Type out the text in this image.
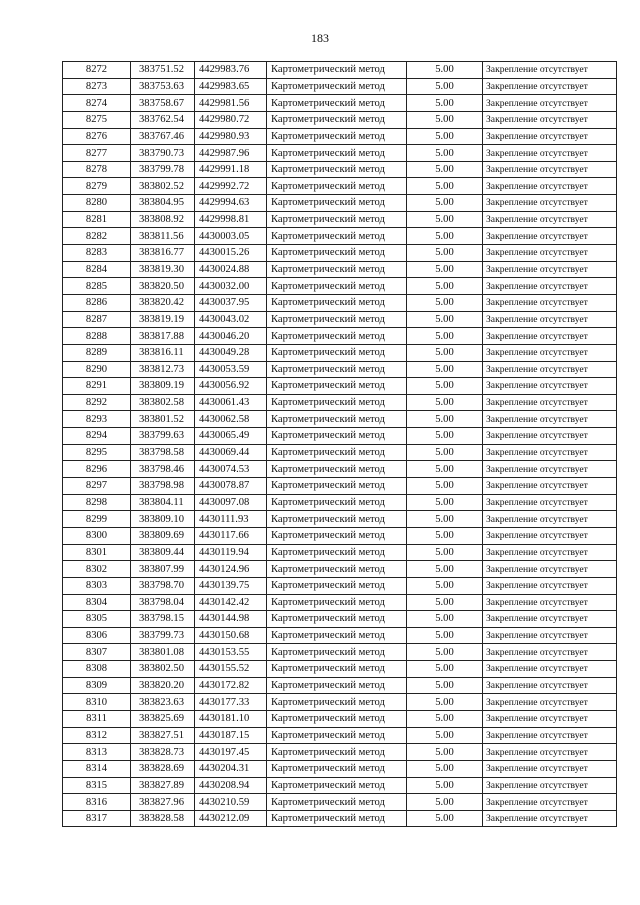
183
8272	383751.52	4429983.76	Картометрический метод	5.00	Закрепление отсутствует
8273	383753.63	4429983.65	Картометрический метод	5.00	Закрепление отсутствует
8274	383758.67	4429981.56	Картометрический метод	5.00	Закрепление отсутствует
8275	383762.54	4429980.72	Картометрический метод	5.00	Закрепление отсутствует
8276	383767.46	4429980.93	Картометрический метод	5.00	Закрепление отсутствует
8277	383790.73	4429987.96	Картометрический метод	5.00	Закрепление отсутствует
8278	383799.78	4429991.18	Картометрический метод	5.00	Закрепление отсутствует
8279	383802.52	4429992.72	Картометрический метод	5.00	Закрепление отсутствует
8280	383804.95	4429994.63	Картометрический метод	5.00	Закрепление отсутствует
8281	383808.92	4429998.81	Картометрический метод	5.00	Закрепление отсутствует
8282	383811.56	4430003.05	Картометрический метод	5.00	Закрепление отсутствует
8283	383816.77	4430015.26	Картометрический метод	5.00	Закрепление отсутствует
8284	383819.30	4430024.88	Картометрический метод	5.00	Закрепление отсутствует
8285	383820.50	4430032.00	Картометрический метод	5.00	Закрепление отсутствует
8286	383820.42	4430037.95	Картометрический метод	5.00	Закрепление отсутствует
8287	383819.19	4430043.02	Картометрический метод	5.00	Закрепление отсутствует
8288	383817.88	4430046.20	Картометрический метод	5.00	Закрепление отсутствует
8289	383816.11	4430049.28	Картометрический метод	5.00	Закрепление отсутствует
8290	383812.73	4430053.59	Картометрический метод	5.00	Закрепление отсутствует
8291	383809.19	4430056.92	Картометрический метод	5.00	Закрепление отсутствует
8292	383802.58	4430061.43	Картометрический метод	5.00	Закрепление отсутствует
8293	383801.52	4430062.58	Картометрический метод	5.00	Закрепление отсутствует
8294	383799.63	4430065.49	Картометрический метод	5.00	Закрепление отсутствует
8295	383798.58	4430069.44	Картометрический метод	5.00	Закрепление отсутствует
8296	383798.46	4430074.53	Картометрический метод	5.00	Закрепление отсутствует
8297	383798.98	4430078.87	Картометрический метод	5.00	Закрепление отсутствует
8298	383804.11	4430097.08	Картометрический метод	5.00	Закрепление отсутствует
8299	383809.10	4430111.93	Картометрический метод	5.00	Закрепление отсутствует
8300	383809.69	4430117.66	Картометрический метод	5.00	Закрепление отсутствует
8301	383809.44	4430119.94	Картометрический метод	5.00	Закрепление отсутствует
8302	383807.99	4430124.96	Картометрический метод	5.00	Закрепление отсутствует
8303	383798.70	4430139.75	Картометрический метод	5.00	Закрепление отсутствует
8304	383798.04	4430142.42	Картометрический метод	5.00	Закрепление отсутствует
8305	383798.15	4430144.98	Картометрический метод	5.00	Закрепление отсутствует
8306	383799.73	4430150.68	Картометрический метод	5.00	Закрепление отсутствует
8307	383801.08	4430153.55	Картометрический метод	5.00	Закрепление отсутствует
8308	383802.50	4430155.52	Картометрический метод	5.00	Закрепление отсутствует
8309	383820.20	4430172.82	Картометрический метод	5.00	Закрепление отсутствует
8310	383823.63	4430177.33	Картометрический метод	5.00	Закрепление отсутствует
8311	383825.69	4430181.10	Картометрический метод	5.00	Закрепление отсутствует
8312	383827.51	4430187.15	Картометрический метод	5.00	Закрепление отсутствует
8313	383828.73	4430197.45	Картометрический метод	5.00	Закрепление отсутствует
8314	383828.69	4430204.31	Картометрический метод	5.00	Закрепление отсутствует
8315	383827.89	4430208.94	Картометрический метод	5.00	Закрепление отсутствует
8316	383827.96	4430210.59	Картометрический метод	5.00	Закрепление отсутствует
8317	383828.58	4430212.09	Картометрический метод	5.00	Закрепление отсутствует
